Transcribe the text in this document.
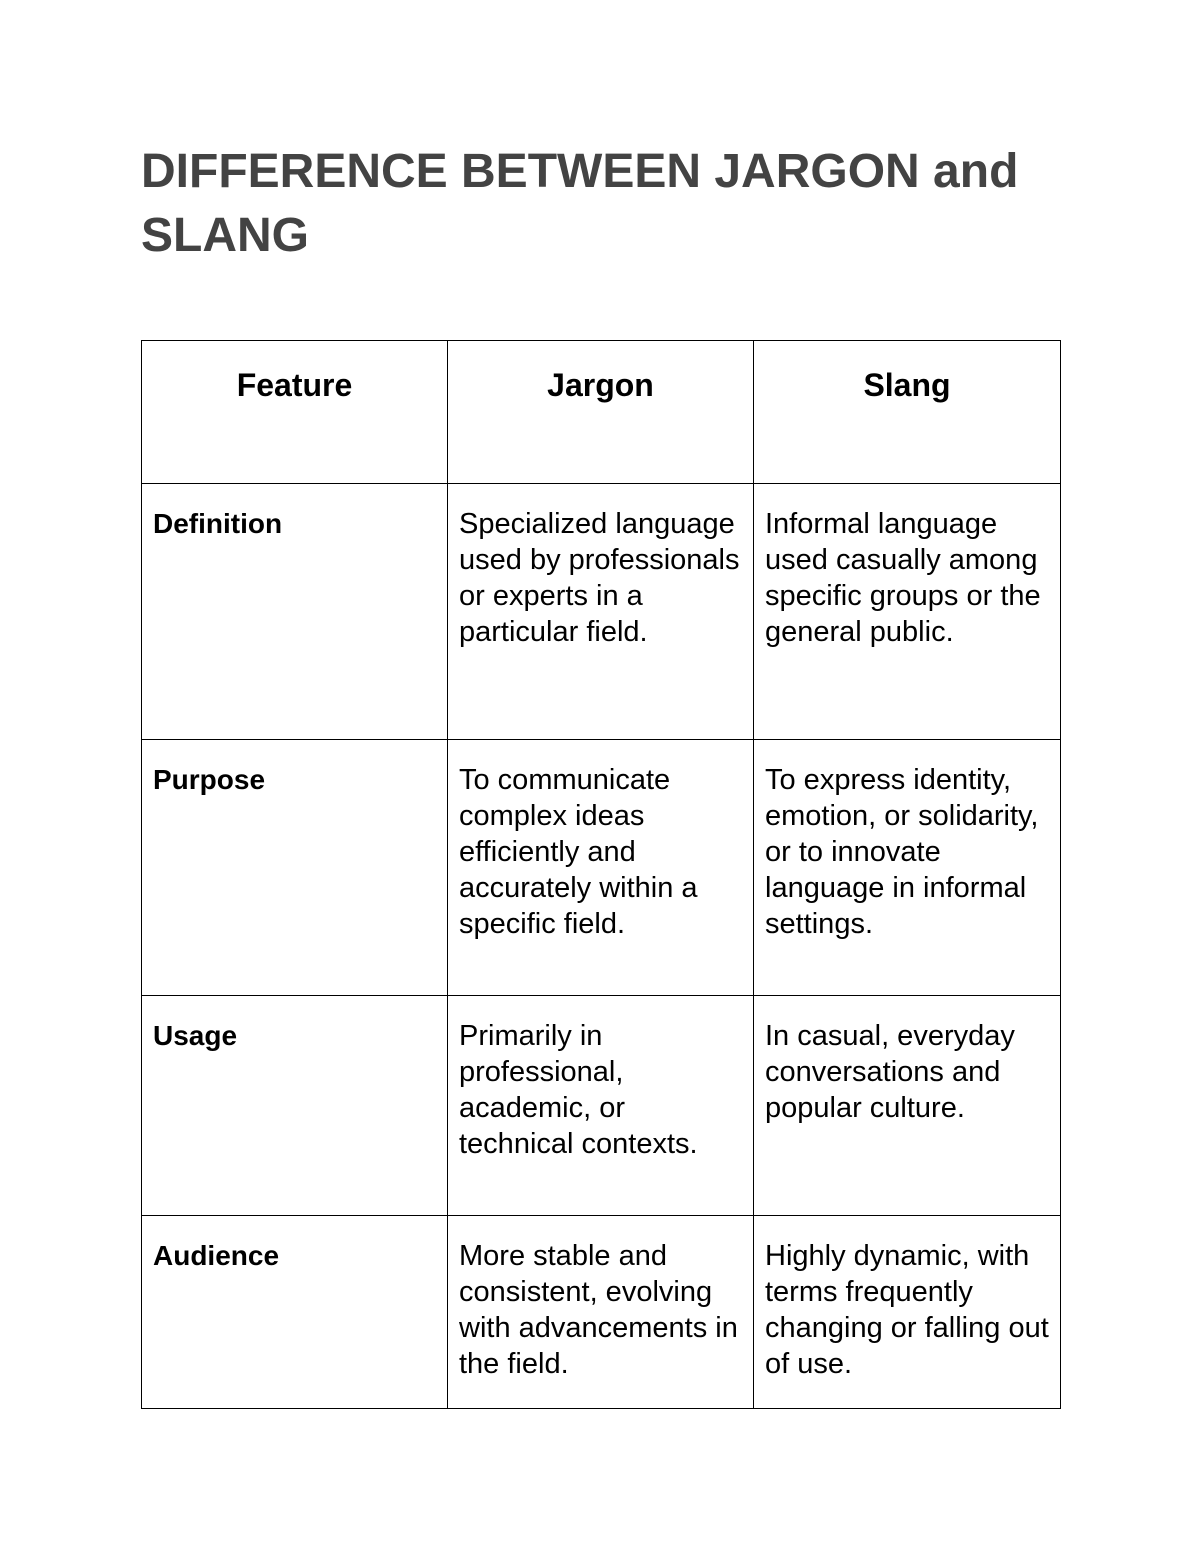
DIFFERENCE BETWEEN JARGON and SLANG
Feature	Jargon	Slang
Definition	Specialized language used by professionals or experts in a particular field.	Informal language used casually among specific groups or the general public.
Purpose	To communicate complex ideas efficiently and accurately within a specific field.	To express identity, emotion, or solidarity, or to innovate language in informal settings.
Usage	Primarily in professional, academic, or technical contexts.	In casual, everyday conversations and popular culture.
Audience	More stable and consistent, evolving with advancements in the field.	Highly dynamic, with terms frequently changing or falling out of use.
